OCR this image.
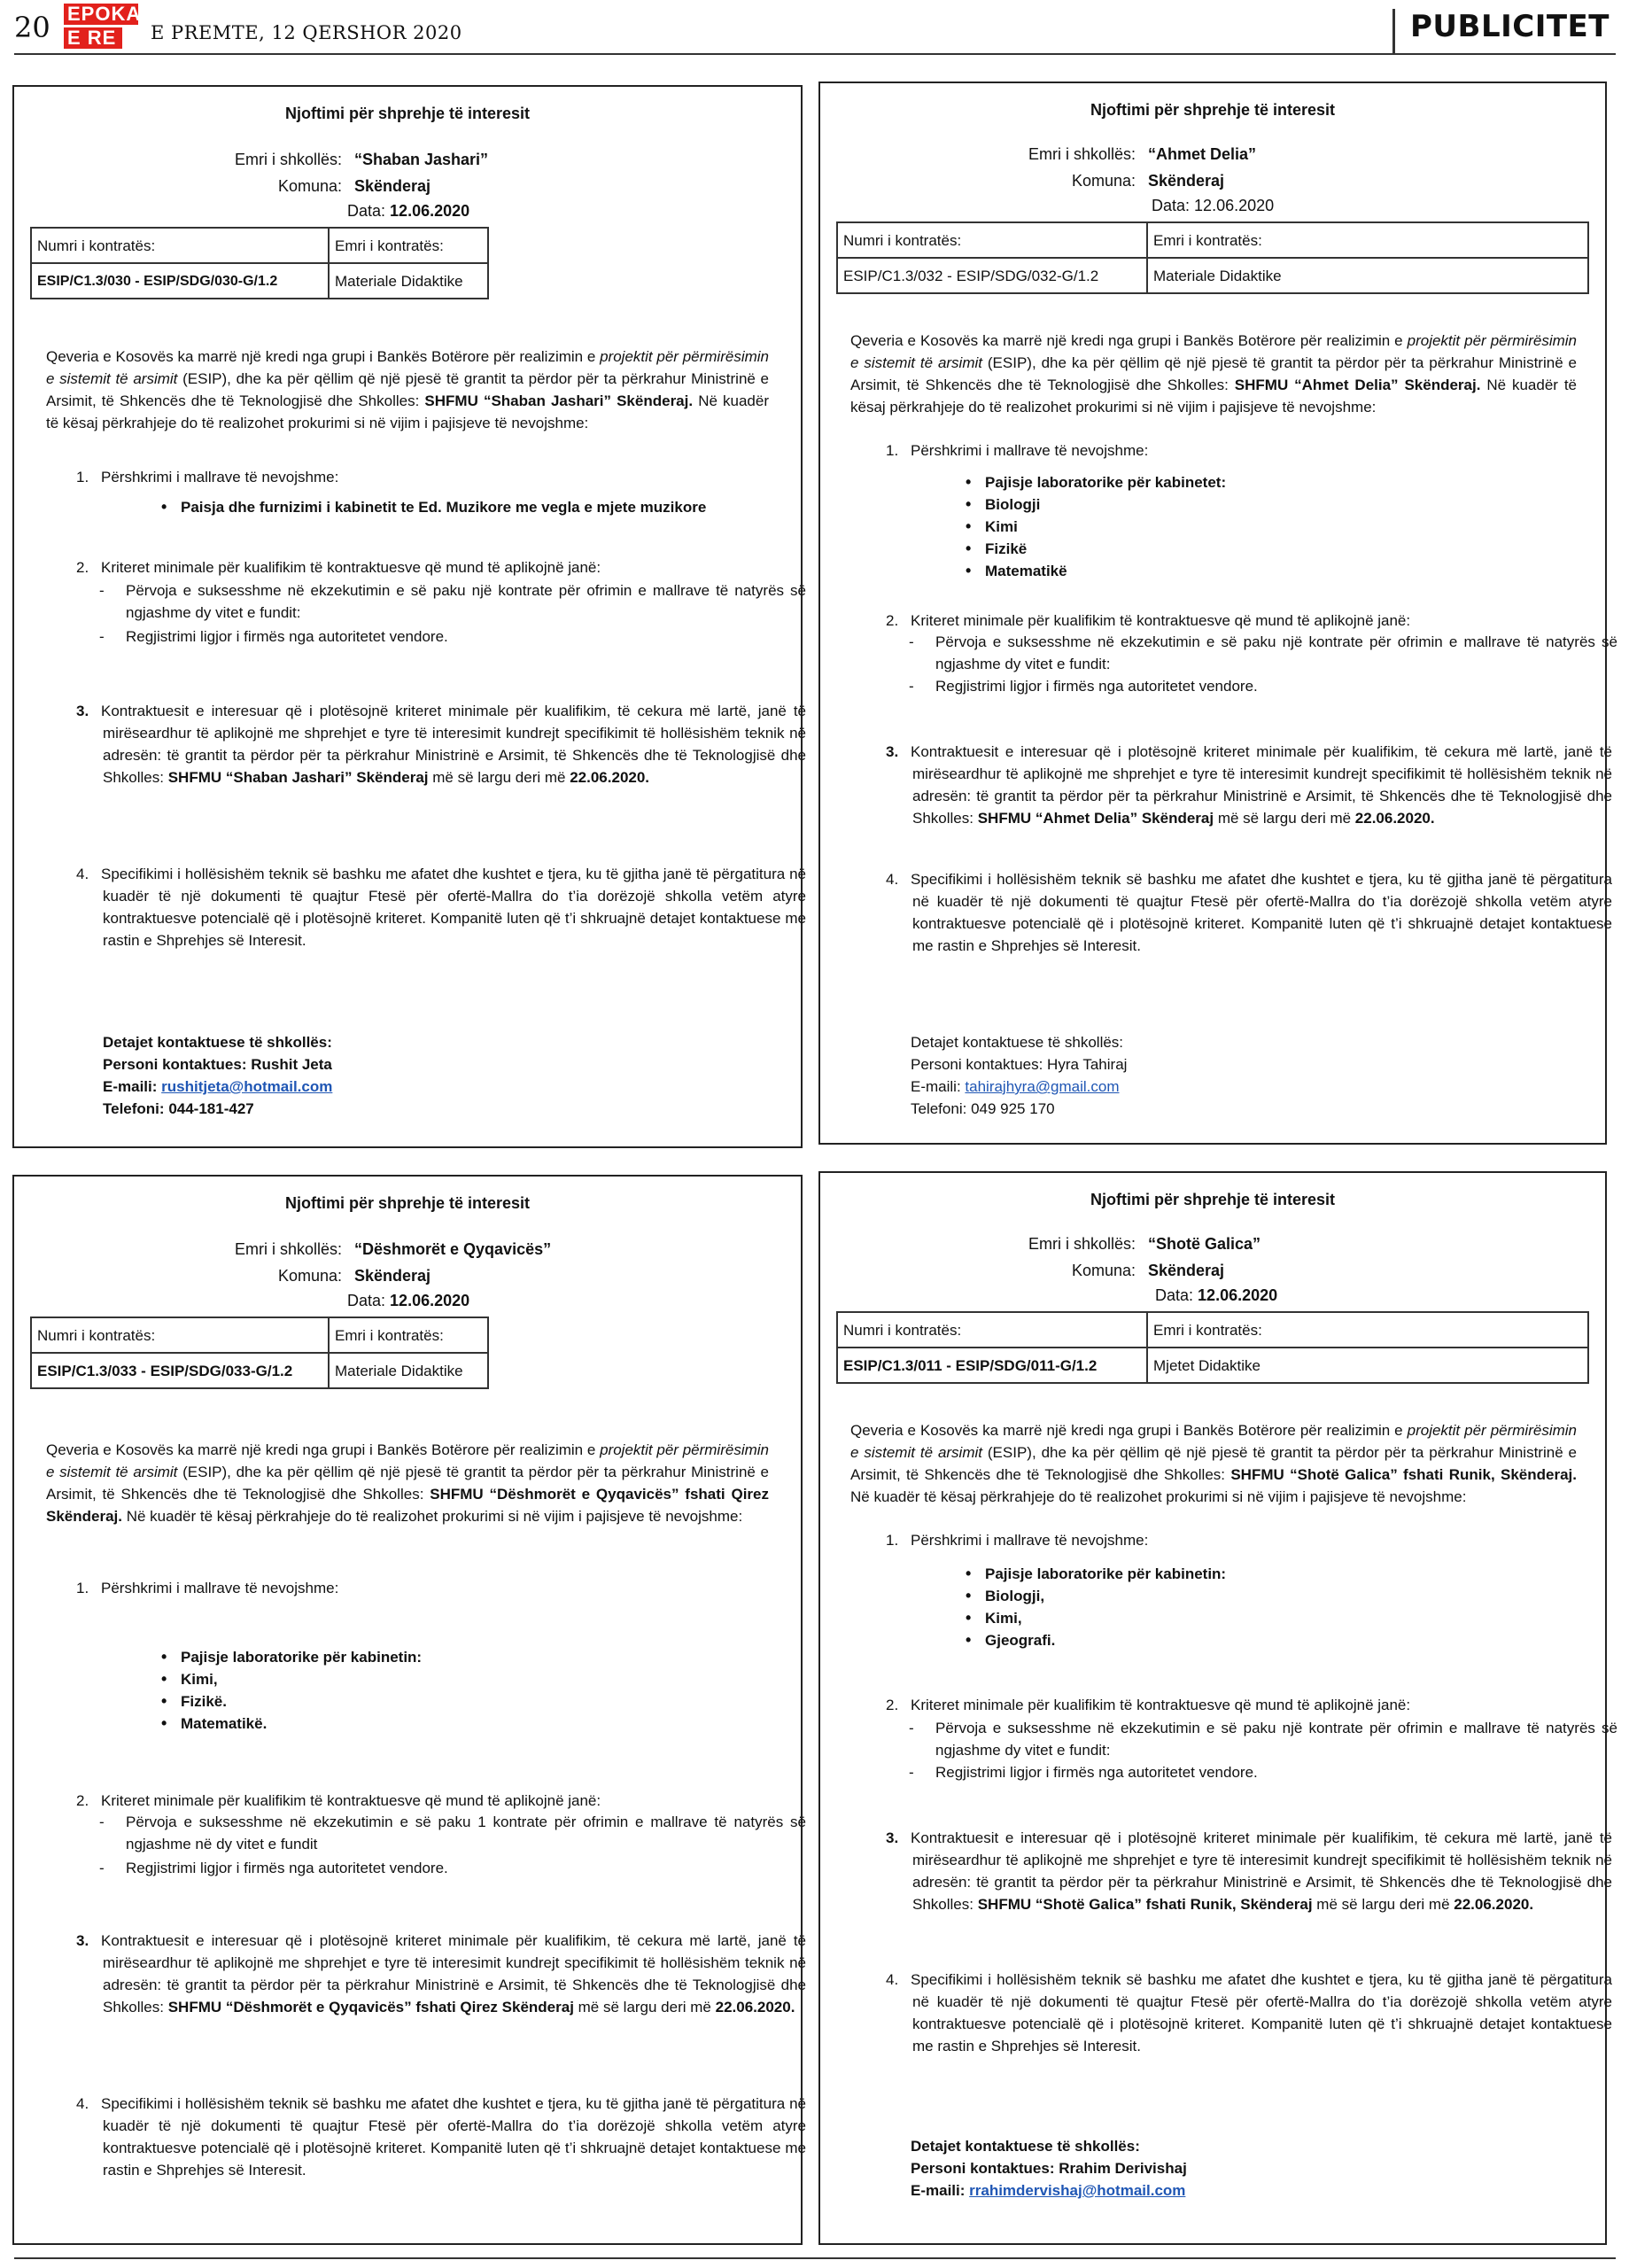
20 EPOKA
E RE	E PREMTE, 12 QERSHOR 2020	PUBLICITET
Njoftimi për shprehje të interesit
Emri i shkollës: “Shaban Jashari”
Komuna: Skënderaj
Data: 12.06.2020
Numri i kontratës:	Emri i kontratës:
ESIP/C1.3/030 - ESIP/SDG/030-G/1.2	Materiale Didaktike
Qeveria e Kosovës ka marrë një kredi nga grupi i Bankës Botërore për realizimin e projektit për përmirësimin e sistemit të arsimit (ESIP), dhe ka për qëllim që një pjesë të grantit ta përdor për ta përkrahur Ministrinë e Arsimit, të Shkencës dhe të Teknologjisë dhe Shkolles: SHFMU “Shaban Jashari” Skënderaj. Në kuadër të kësaj përkrahjeje do të realizohet prokurimi si në vijim i pajisjeve të nevojshme:
1. Përshkrimi i mallrave të nevojshme:
• Paisja dhe furnizimi i kabinetit te Ed. Muzikore me vegla e mjete muzikore
2. Kriteret minimale për kualifikim të kontraktuesve që mund të aplikojnë janë:
- Përvoja e suksesshme në ekzekutimin e së paku një kontrate për ofrimin e mallrave të natyrës së ngjashme dy vitet e fundit:
- Regjistrimi ligjor i firmës nga autoritetet vendore.
3. Kontraktuesit e interesuar që i plotësojnë kriteret minimale për kualifikim, të cekura më lartë, janë të mirëseardhur të aplikojnë me shprehjet e tyre të interesimit kundrejt specifikimit të hollësishëm teknik në adresën: të grantit ta përdor për ta përkrahur Ministrinë e Arsimit, të Shkencës dhe të Teknologjisë dhe Shkolles: SHFMU “Shaban Jashari” Skënderaj më së largu deri më 22.06.2020.
4. Specifikimi i hollësishëm teknik së bashku me afatet dhe kushtet e tjera, ku të gjitha janë të përgatitura në kuadër të një dokumenti të quajtur Ftesë për ofertë-Mallra do t’ia dorëzojë shkolla vetëm atyre kontraktuesve potencialë që i plotësojnë kriteret. Kompanitë luten që t’i shkruajnë detajet kontaktuese me rastin e Shprehjes së Interesit.
Detajet kontaktuese të shkollës:
Personi kontaktues: Rushit Jeta
E-maili: rushitjeta@hotmail.com
Telefoni: 044-181-427
Njoftimi për shprehje të interesit
Emri i shkollës: “Ahmet Delia”
Komuna: Skënderaj
Data: 12.06.2020
Numri i kontratës:	Emri i kontratës:
ESIP/C1.3/032 - ESIP/SDG/032-G/1.2	Materiale Didaktike
Qeveria e Kosovës ka marrë një kredi nga grupi i Bankës Botërore për realizimin e projektit për përmirësimin e sistemit të arsimit (ESIP), dhe ka për qëllim që një pjesë të grantit ta përdor për ta përkrahur Ministrinë e Arsimit, të Shkencës dhe të Teknologjisë dhe Shkolles: SHFMU “Ahmet Delia” Skënderaj. Në kuadër të kësaj përkrahjeje do të realizohet prokurimi si në vijim i pajisjeve të nevojshme:
1. Përshkrimi i mallrave të nevojshme:
• Pajisje laboratorike për kabinetet:
• Biologji
• Kimi
• Fizikë
• Matematikë
2. Kriteret minimale për kualifikim të kontraktuesve që mund të aplikojnë janë:
- Përvoja e suksesshme në ekzekutimin e së paku një kontrate për ofrimin e mallrave të natyrës së ngjashme dy vitet e fundit:
- Regjistrimi ligjor i firmës nga autoritetet vendore.
3. Kontraktuesit e interesuar që i plotësojnë kriteret minimale për kualifikim, të cekura më lartë, janë të mirëseardhur të aplikojnë me shprehjet e tyre të interesimit kundrejt specifikimit të hollësishëm teknik në adresën: të grantit ta përdor për ta përkrahur Ministrinë e Arsimit, të Shkencës dhe të Teknologjisë dhe Shkolles: SHFMU “Ahmet Delia” Skënderaj më së largu deri më 22.06.2020.
4. Specifikimi i hollësishëm teknik së bashku me afatet dhe kushtet e tjera, ku të gjitha janë të përgatitura në kuadër të një dokumenti të quajtur Ftesë për ofertë-Mallra do t’ia dorëzojë shkolla vetëm atyre kontraktuesve potencialë që i plotësojnë kriteret. Kompanitë luten që t’i shkruajnë detajet kontaktuese me rastin e Shprehjes së Interesit.
Detajet kontaktuese të shkollës:
Personi kontaktues: Hyra Tahiraj
E-maili: tahirajhyra@gmail.com
Telefoni: 049 925 170
Njoftimi për shprehje të interesit
Emri i shkollës: “Dëshmorët e Qyqavicës”
Komuna: Skënderaj
Data: 12.06.2020
Numri i kontratës:	Emri i kontratës:
ESIP/C1.3/033 - ESIP/SDG/033-G/1.2	Materiale Didaktike
Qeveria e Kosovës ka marrë një kredi nga grupi i Bankës Botërore për realizimin e projektit për përmirësimin e sistemit të arsimit (ESIP), dhe ka për qëllim që një pjesë të grantit ta përdor për ta përkrahur Ministrinë e Arsimit, të Shkencës dhe të Teknologjisë dhe Shkolles: SHFMU “Dëshmorët e Qyqavicës” fshati Qirez Skënderaj. Në kuadër të kësaj përkrahjeje do të realizohet prokurimi si në vijim i pajisjeve të nevojshme:
1. Përshkrimi i mallrave të nevojshme:
• Pajisje laboratorike për kabinetin:
• Kimi,
• Fizikë.
• Matematikë.
2. Kriteret minimale për kualifikim të kontraktuesve që mund të aplikojnë janë:
- Përvoja e suksesshme në ekzekutimin e së paku 1 kontrate për ofrimin e mallrave të natyrës së ngjashme në dy vitet e fundit
- Regjistrimi ligjor i firmës nga autoritetet vendore.
3. Kontraktuesit e interesuar që i plotësojnë kriteret minimale për kualifikim, të cekura më lartë, janë të mirëseardhur të aplikojnë me shprehjet e tyre të interesimit kundrejt specifikimit të hollësishëm teknik në adresën: të grantit ta përdor për ta përkrahur Ministrinë e Arsimit, të Shkencës dhe të Teknologjisë dhe Shkolles: SHFMU “Dëshmorët e Qyqavicës” fshati Qirez Skënderaj më së largu deri më 22.06.2020.
4. Specifikimi i hollësishëm teknik së bashku me afatet dhe kushtet e tjera, ku të gjitha janë të përgatitura në kuadër të një dokumenti të quajtur Ftesë për ofertë-Mallra do t’ia dorëzojë shkolla vetëm atyre kontraktuesve potencialë që i plotësojnë kriteret. Kompanitë luten që t’i shkruajnë detajet kontaktuese me rastin e Shprehjes së Interesit.
Njoftimi për shprehje të interesit
Emri i shkollës: “Shotë Galica”
Komuna: Skënderaj
Data: 12.06.2020
Numri i kontratës:	Emri i kontratës:
ESIP/C1.3/011 - ESIP/SDG/011-G/1.2	Mjetet Didaktike
Qeveria e Kosovës ka marrë një kredi nga grupi i Bankës Botërore për realizimin e projektit për përmirësimin e sistemit të arsimit (ESIP), dhe ka për qëllim që një pjesë të grantit ta përdor për ta përkrahur Ministrinë e Arsimit, të Shkencës dhe të Teknologjisë dhe Shkolles: SHFMU “Shotë Galica” fshati Runik, Skënderaj. Në kuadër të kësaj përkrahjeje do të realizohet prokurimi si në vijim i pajisjeve të nevojshme:
1. Përshkrimi i mallrave të nevojshme:
• Pajisje laboratorike për kabinetin:
• Biologji,
• Kimi,
• Gjeografi.
2. Kriteret minimale për kualifikim të kontraktuesve që mund të aplikojnë janë:
- Përvoja e suksesshme në ekzekutimin e së paku një kontrate për ofrimin e mallrave të natyrës së ngjashme dy vitet e fundit:
- Regjistrimi ligjor i firmës nga autoritetet vendore.
3. Kontraktuesit e interesuar që i plotësojnë kriteret minimale për kualifikim, të cekura më lartë, janë të mirëseardhur të aplikojnë me shprehjet e tyre të interesimit kundrejt specifikimit të hollësishëm teknik në adresën: të grantit ta përdor për ta përkrahur Ministrinë e Arsimit, të Shkencës dhe të Teknologjisë dhe Shkolles: SHFMU “Shotë Galica” fshati Runik, Skënderaj më së largu deri më 22.06.2020.
4. Specifikimi i hollësishëm teknik së bashku me afatet dhe kushtet e tjera, ku të gjitha janë të përgatitura në kuadër të një dokumenti të quajtur Ftesë për ofertë-Mallra do t’ia dorëzojë shkolla vetëm atyre kontraktuesve potencialë që i plotësojnë kriteret. Kompanitë luten që t’i shkruajnë detajet kontaktuese me rastin e Shprehjes së Interesit.
Detajet kontaktuese të shkollës:
Personi kontaktues: Rrahim Derivishaj
E-maili: rrahimdervishaj@hotmail.com
